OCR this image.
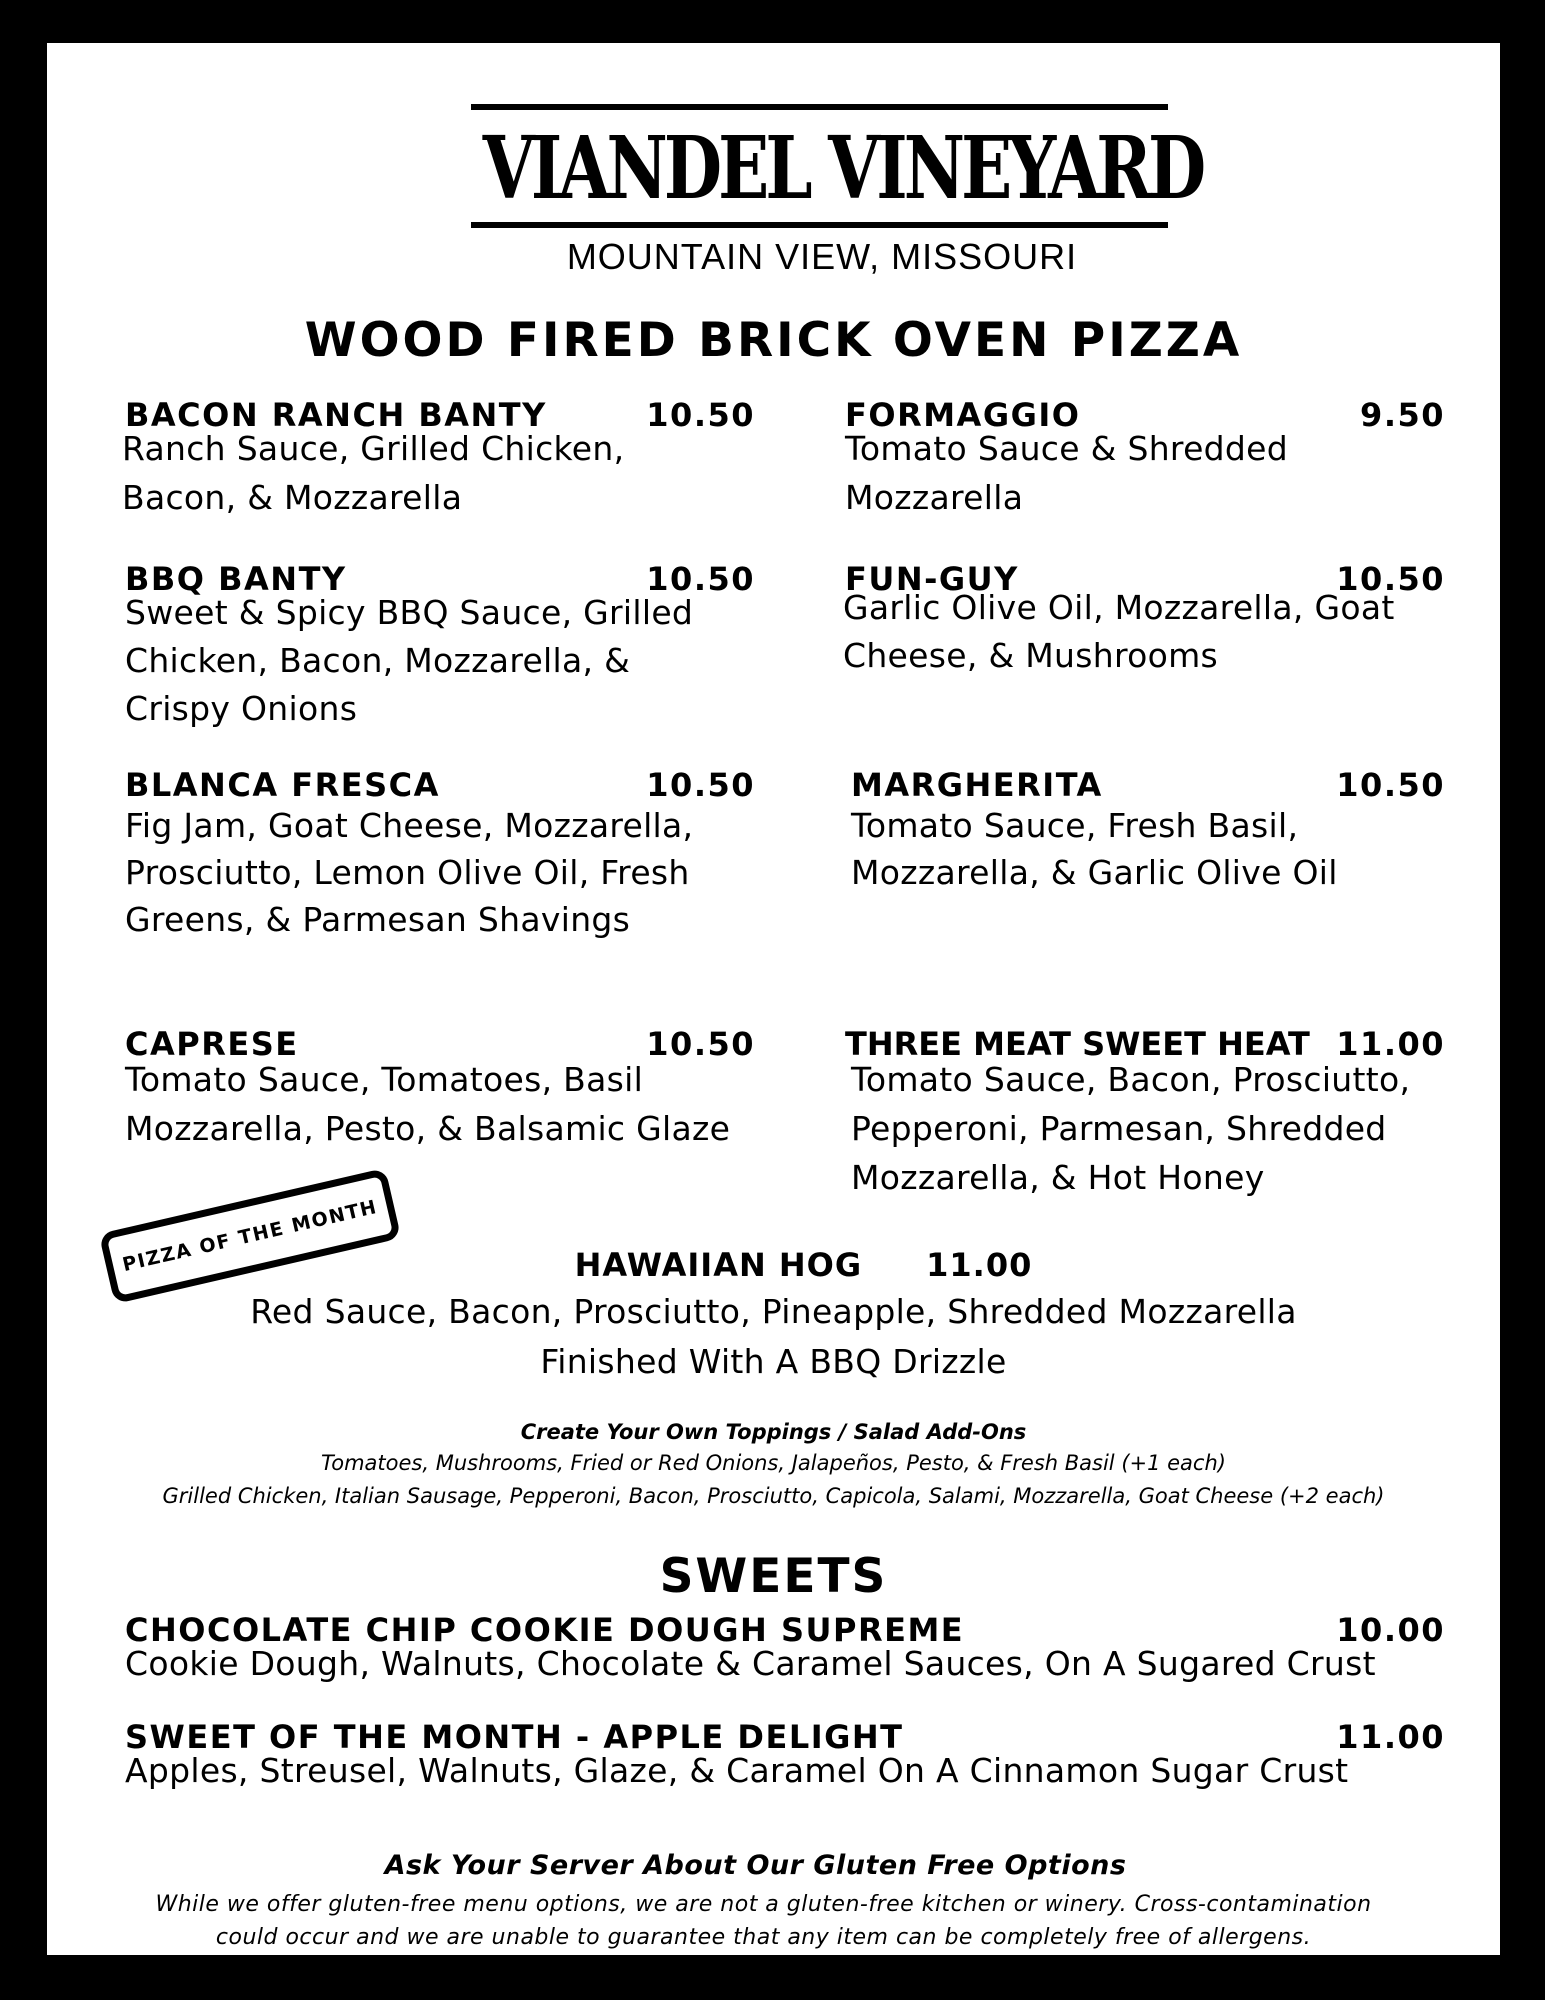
VIANDEL VINEYARD
MOUNTAIN VIEW, MISSOURI
WOOD FIRED BRICK OVEN PIZZA
BACON RANCH BANTY	10.50
Ranch Sauce, Grilled Chicken,
Bacon, & Mozzarella
FORMAGGIO	9.50
Tomato Sauce & Shredded
Mozzarella
BBQ BANTY	10.50
Sweet & Spicy BBQ Sauce, Grilled
Chicken, Bacon, Mozzarella, &
Crispy Onions
FUN-GUY	10.50
Garlic Olive Oil, Mozzarella, Goat
Cheese, & Mushrooms
BLANCA FRESCA	10.50
Fig Jam, Goat Cheese, Mozzarella,
Prosciutto, Lemon Olive Oil, Fresh
Greens, & Parmesan Shavings
MARGHERITA	10.50
Tomato Sauce, Fresh Basil,
Mozzarella, & Garlic Olive Oil
CAPRESE	10.50
Tomato Sauce, Tomatoes, Basil
Mozzarella, Pesto, & Balsamic Glaze
THREE MEAT SWEET HEAT 11.00
Tomato Sauce, Bacon, Prosciutto,
Pepperoni, Parmesan, Shredded
Mozzarella, & Hot Honey
PIZZA OF THE MONTH	HAWAIIAN HOG 11.00
Red Sauce, Bacon, Prosciutto, Pineapple, Shredded Mozzarella
Finished With A BBQ Drizzle
Create Your Own Toppings / Salad Add-Ons
Tomatoes, Mushrooms, Fried or Red Onions, Jalapeños, Pesto, & Fresh Basil (+1 each)
Grilled Chicken, Italian Sausage, Pepperoni, Bacon, Prosciutto, Capicola, Salami, Mozzarella, Goat Cheese (+2 each)
SWEETS
CHOCOLATE CHIP COOKIE DOUGH SUPREME	10.00
Cookie Dough, Walnuts, Chocolate & Caramel Sauces, On A Sugared Crust
SWEET OF THE MONTH - APPLE DELIGHT	11.00
Apples, Streusel, Walnuts, Glaze, & Caramel On A Cinnamon Sugar Crust
Ask Your Server About Our Gluten Free Options
While we offer gluten-free menu options, we are not a gluten-free kitchen or winery. Cross-contamination
could occur and we are unable to guarantee that any item can be completely free of allergens.
